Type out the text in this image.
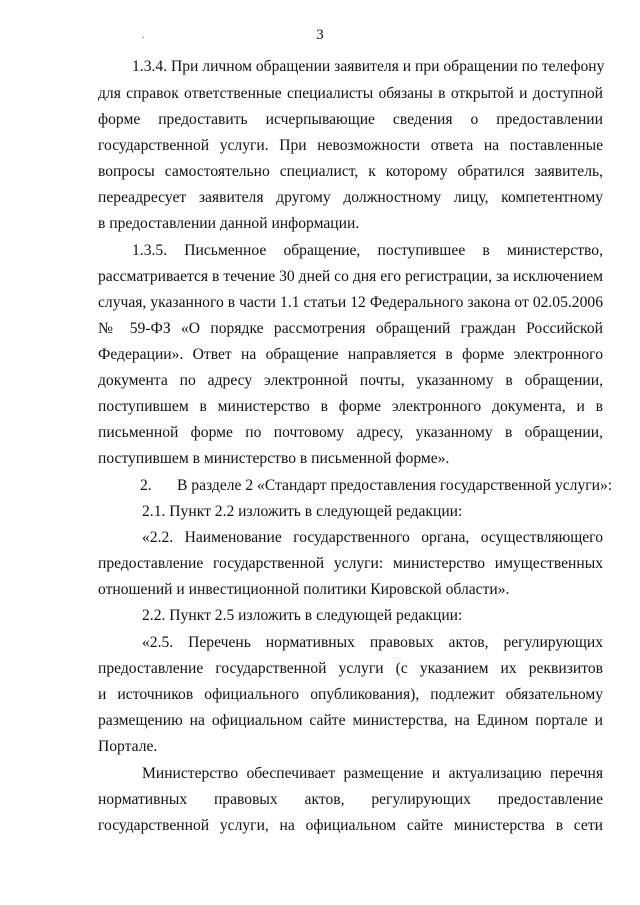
3
.
1.3.4. При личном обращении заявителя и при обращении по телефону
для справок ответственные специалисты обязаны в открытой и доступной
форме предоставить исчерпывающие сведения о предоставлении
государственной услуги. При невозможности ответа на поставленные
вопросы самостоятельно специалист, к которому обратился заявитель,
переадресует заявителя другому должностному лицу, компетентному
в предоставлении данной информации.
1.3.5. Письменное обращение, поступившее в министерство,
рассматривается в течение 30 дней со дня его регистрации, за исключением
случая, указанного в части 1.1 статьи 12 Федерального закона от 02.05.2006
№ 59-ФЗ «О порядке рассмотрения обращений граждан Российской
Федерации». Ответ на обращение направляется в форме электронного
документа по адресу электронной почты, указанному в обращении,
поступившем в министерство в форме электронного документа, и в
письменной форме по почтовому адресу, указанному в обращении,
поступившем в министерство в письменной форме».
2.	В разделе 2 «Стандарт предоставления государственной услуги»:
2.1. Пункт 2.2 изложить в следующей редакции:
«2.2. Наименование государственного органа, осуществляющего
предоставление государственной услуги: министерство имущественных
отношений и инвестиционной политики Кировской области».
2.2. Пункт 2.5 изложить в следующей редакции:
«2.5. Перечень нормативных правовых актов, регулирующих
предоставление государственной услуги (с указанием их реквизитов
и источников официального опубликования), подлежит обязательному
размещению на официальном сайте министерства, на Едином портале и
Портале.
Министерство обеспечивает размещение и актуализацию перечня
нормативных правовых актов, регулирующих предоставление
государственной услуги, на официальном сайте министерства в сети
